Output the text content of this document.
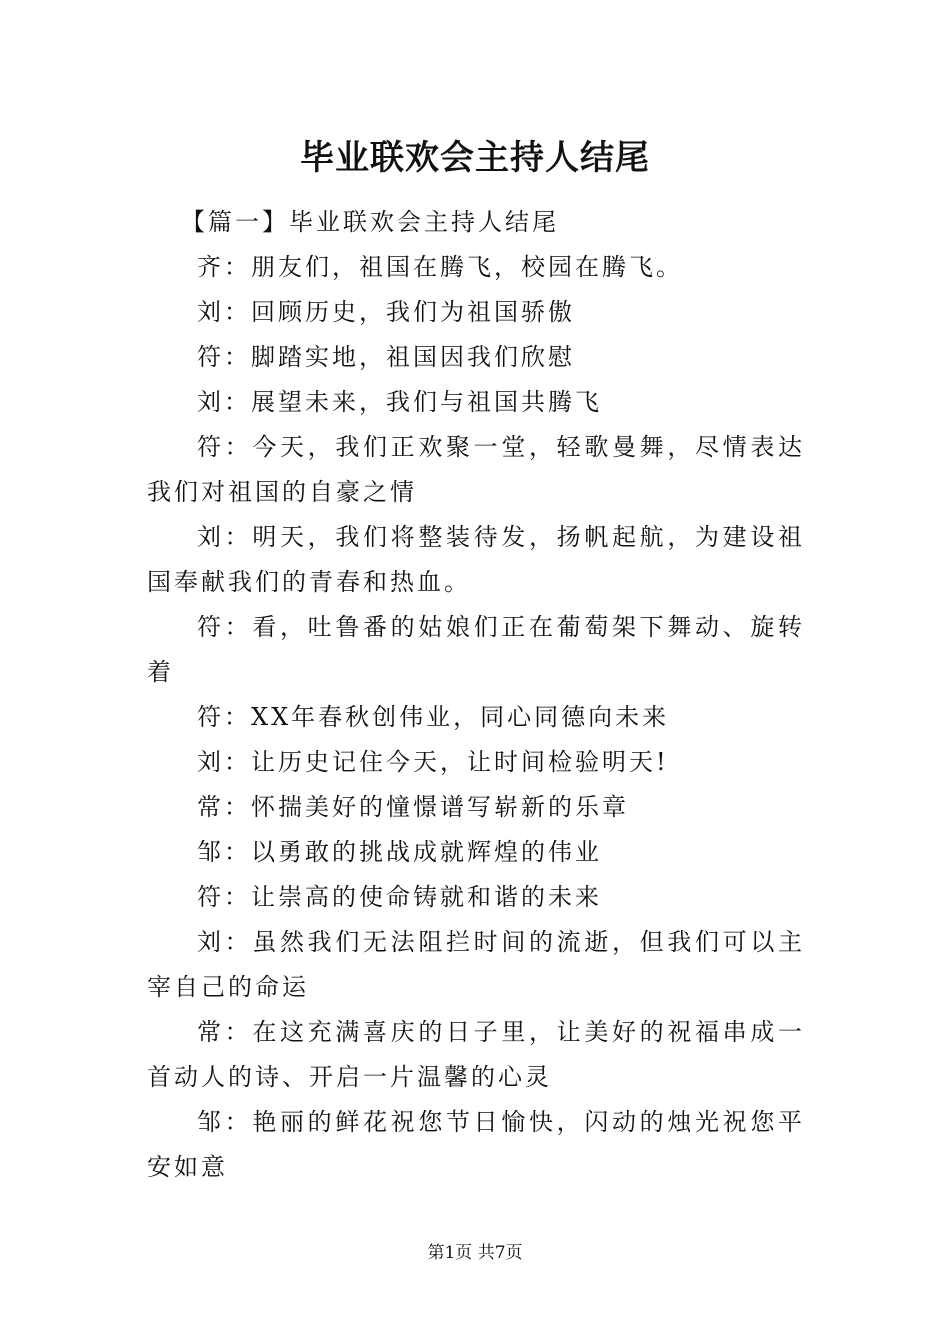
毕业联欢会主持人结尾

【篇一】毕业联欢会主持人结尾

齐：朋友们，祖国在腾飞，校园在腾飞。

刘：回顾历史，我们为祖国骄傲

符：脚踏实地，祖国因我们欣慰

刘：展望未来，我们与祖国共腾飞

符：今天，我们正欢聚一堂，轻歌曼舞，尽情表达我们对祖国的自豪之情

刘：明天，我们将整装待发，扬帆起航，为建设祖国奉献我们的青春和热血。

符：看，吐鲁番的姑娘们正在葡萄架下舞动、旋转着

符：XX年春秋创伟业，同心同德向未来

刘：让历史记住今天，让时间检验明天!

常：怀揣美好的憧憬谱写崭新的乐章

邹：以勇敢的挑战成就辉煌的伟业

符：让崇高的使命铸就和谐的未来

刘：虽然我们无法阻拦时间的流逝，但我们可以主宰自己的命运

常：在这充满喜庆的日子里，让美好的祝福串成一首动人的诗、开启一片温馨的心灵

邹：艳丽的鲜花祝您节日愉快，闪动的烛光祝您平安如意

第1页 共7页
